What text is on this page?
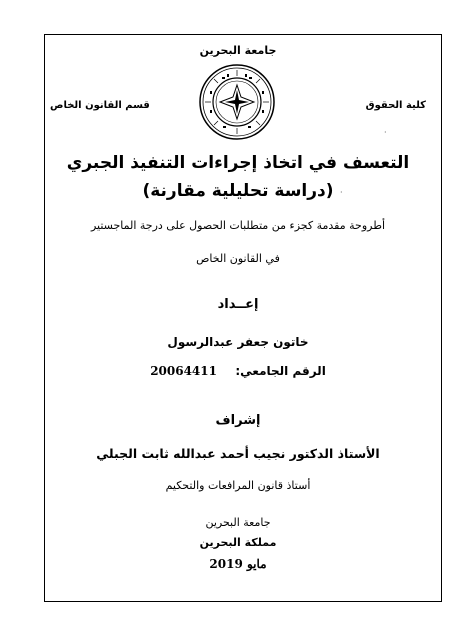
جامعة البحرين
كلية الحقوق
قسم القانون الخاص
التعسف في اتخاذ إجراءات التنفيذ الجبري
(دراسة تحليلية مقارنة)
أطروحة مقدمة كجزء من متطلبات الحصول على درجة الماجستير
في القانون الخاص
إعــداد
خاتون جعفر عبدالرسول
الرقم الجامعي:  20064411
إشراف
الأستاذ الدكتور نجيب أحمد عبدالله ثابت الجبلي
أستاذ قانون المرافعات والتحكيم
جامعة البحرين
مملكة البحرين
مايو 2019
·
·
